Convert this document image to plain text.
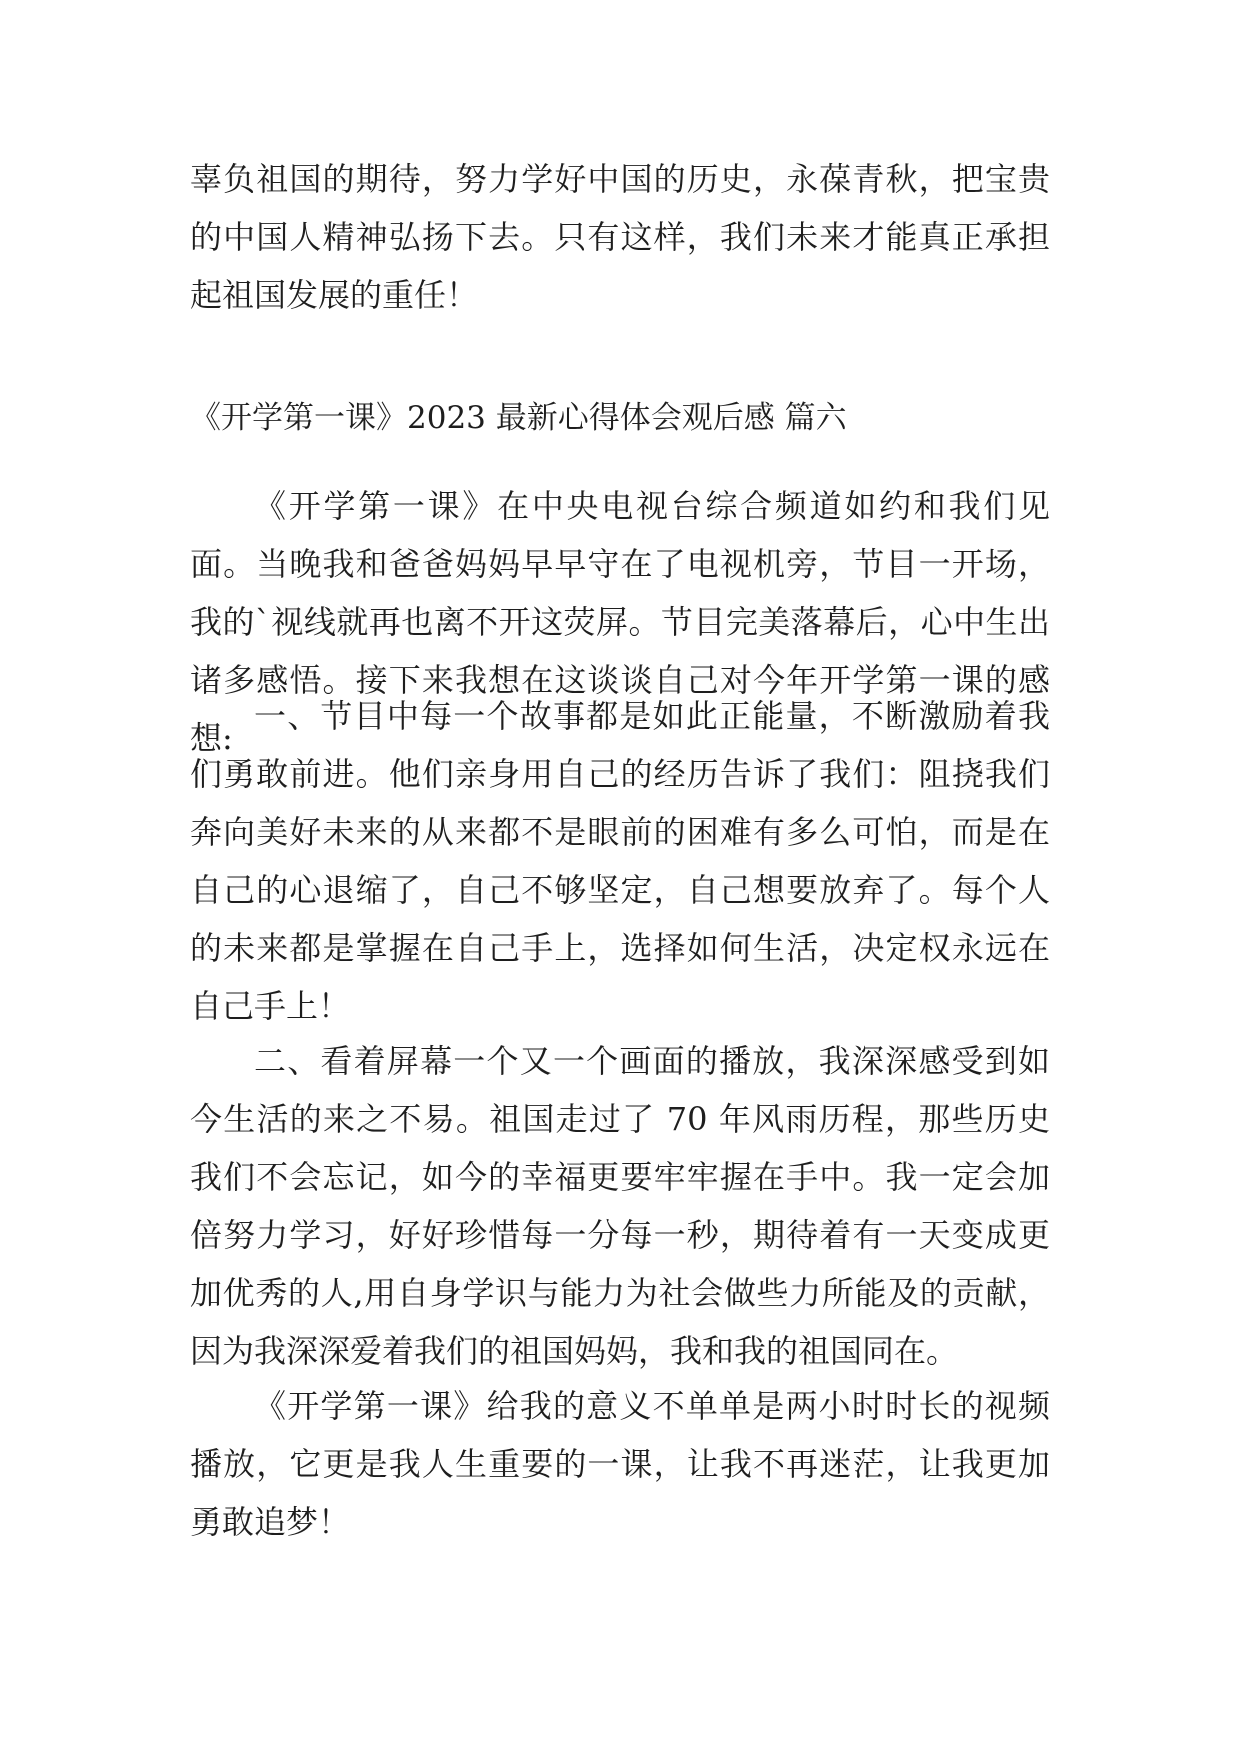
辜负祖国的期待，努力学好中国的历史，永葆青秋，把宝贵的中国人精神弘扬下去。只有这样，我们未来才能真正承担起祖国发展的重任！

《开学第一课》2023 最新心得体会观后感 篇六

《开学第一课》在中央电视台综合频道如约和我们见面。当晚我和爸爸妈妈早早守在了电视机旁，节目一开场，我的`视线就再也离不开这荧屏。节目完美落幕后，心中生出诸多感悟。接下来我想在这谈谈自己对今年开学第一课的感想:

一、节目中每一个故事都是如此正能量，不断激励着我们勇敢前进。他们亲身用自己的经历告诉了我们：阻挠我们奔向美好未来的从来都不是眼前的困难有多么可怕，而是在自己的心退缩了，自己不够坚定，自己想要放弃了。每个人的未来都是掌握在自己手上，选择如何生活，决定权永远在自己手上！

二、看着屏幕一个又一个画面的播放，我深深感受到如今生活的来之不易。祖国走过了 70 年风雨历程，那些历史我们不会忘记，如今的幸福更要牢牢握在手中。我一定会加倍努力学习，好好珍惜每一分每一秒，期待着有一天变成更加优秀的人,用自身学识与能力为社会做些力所能及的贡献，因为我深深爱着我们的祖国妈妈，我和我的祖国同在。

《开学第一课》给我的意义不单单是两小时时长的视频播放，它更是我人生重要的一课，让我不再迷茫，让我更加勇敢追梦！
